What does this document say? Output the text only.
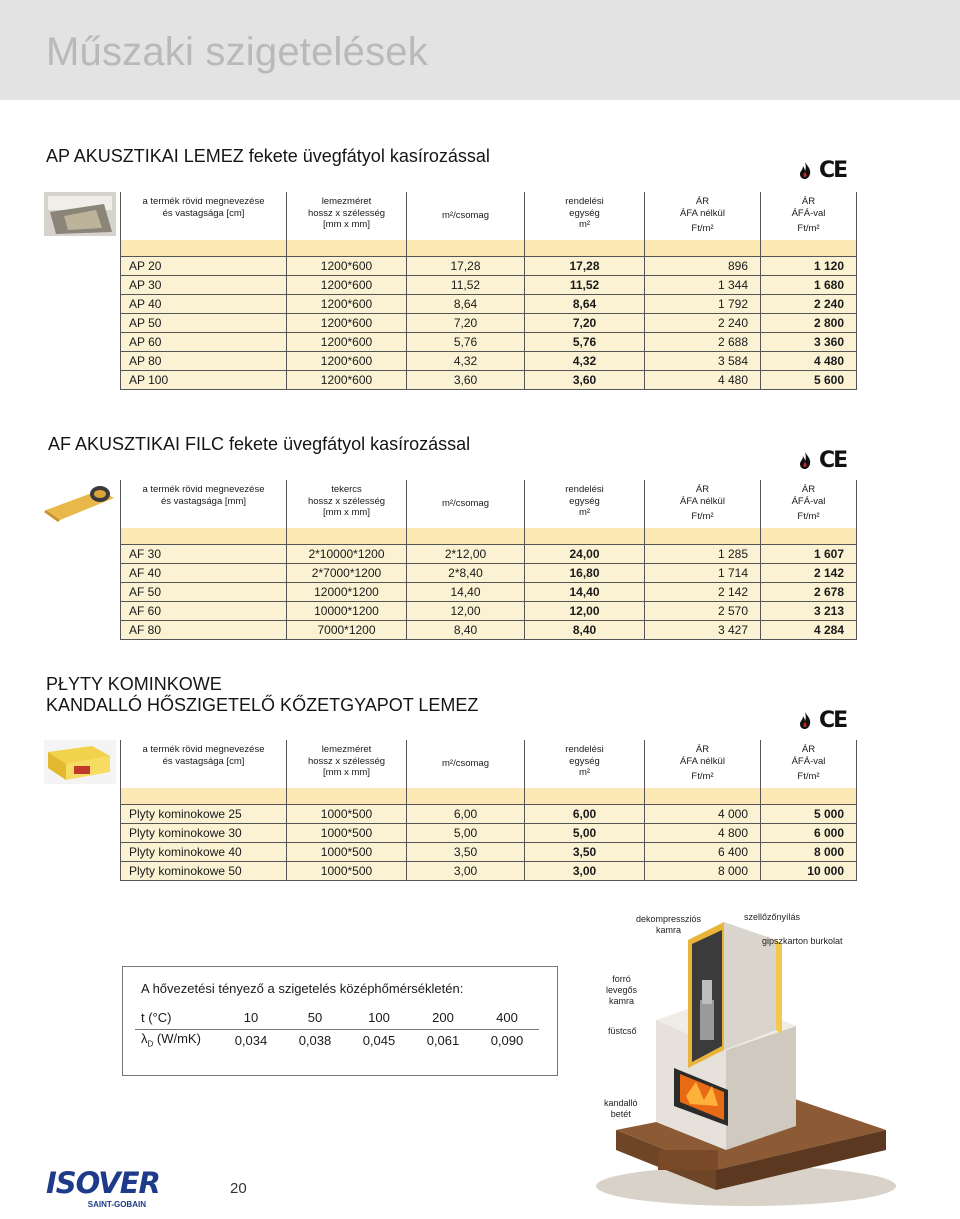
Műszaki szigetelések
AP AKUSZTIKAI LEMEZ fekete üvegfátyol kasírozással
CE
a termék rövid megnevezése
és vastagsága [cm]	lemezméret
hossz x szélesség
[mm x mm]	m²/csomag	rendelési
egység
m²	ÁR
ÁFA nélkül
Ft/m²	ÁR
ÁFÁ-val
Ft/m²

AP 20	1200*600	17,28	17,28	896	1 120
AP 30	1200*600	11,52	11,52	1 344	1 680
AP 40	1200*600	8,64	8,64	1 792	2 240
AP 50	1200*600	7,20	7,20	2 240	2 800
AP 60	1200*600	5,76	5,76	2 688	3 360
AP 80	1200*600	4,32	4,32	3 584	4 480
AP 100	1200*600	3,60	3,60	4 480	5 600
AF AKUSZTIKAI FILC fekete üvegfátyol kasírozással
CE
a termék rövid megnevezése
és vastagsága [mm]	tekercs
hossz x szélesség
[mm x mm]	m²/csomag	rendelési
egység
m²	ÁR
ÁFA nélkül
Ft/m²	ÁR
ÁFÁ-val
Ft/m²

AF 30	2*10000*1200	2*12,00	24,00	1 285	1 607
AF 40	2*7000*1200	2*8,40	16,80	1 714	2 142
AF 50	12000*1200	14,40	14,40	2 142	2 678
AF 60	10000*1200	12,00	12,00	2 570	3 213
AF 80	7000*1200	8,40	8,40	3 427	4 284
PŁYTY KOMINKOWE
KANDALLÓ HŐSZIGETELŐ KŐZETGYAPOT LEMEZ
CE
a termék rövid megnevezése
és vastagsága [cm]	lemezméret
hossz x szélesség
[mm x mm]	m²/csomag	rendelési
egység
m²	ÁR
ÁFA nélkül
Ft/m²	ÁR
ÁFÁ-val
Ft/m²

Plyty kominokowe 25	1000*500	6,00	6,00	4 000	5 000
Plyty kominokowe 30	1000*500	5,00	5,00	4 800	6 000
Plyty kominokowe 40	1000*500	3,50	3,50	6 400	8 000
Plyty kominokowe 50	1000*500	3,00	3,00	8 000	10 000
A hővezetési tényező a szigetelés középhőmérsékletén:
t (°C)	10	50	100	200	400
$\lambda_D$ (W/mK)	0,034	0,038	0,045	0,061	0,090
dekompressziós
kamra
szellőzőnyílás
gipszkarton burkolat
forró
levegős
kamra
füstcső
kandalló
betét
ISOVER
SAINT-GOBAIN
20
